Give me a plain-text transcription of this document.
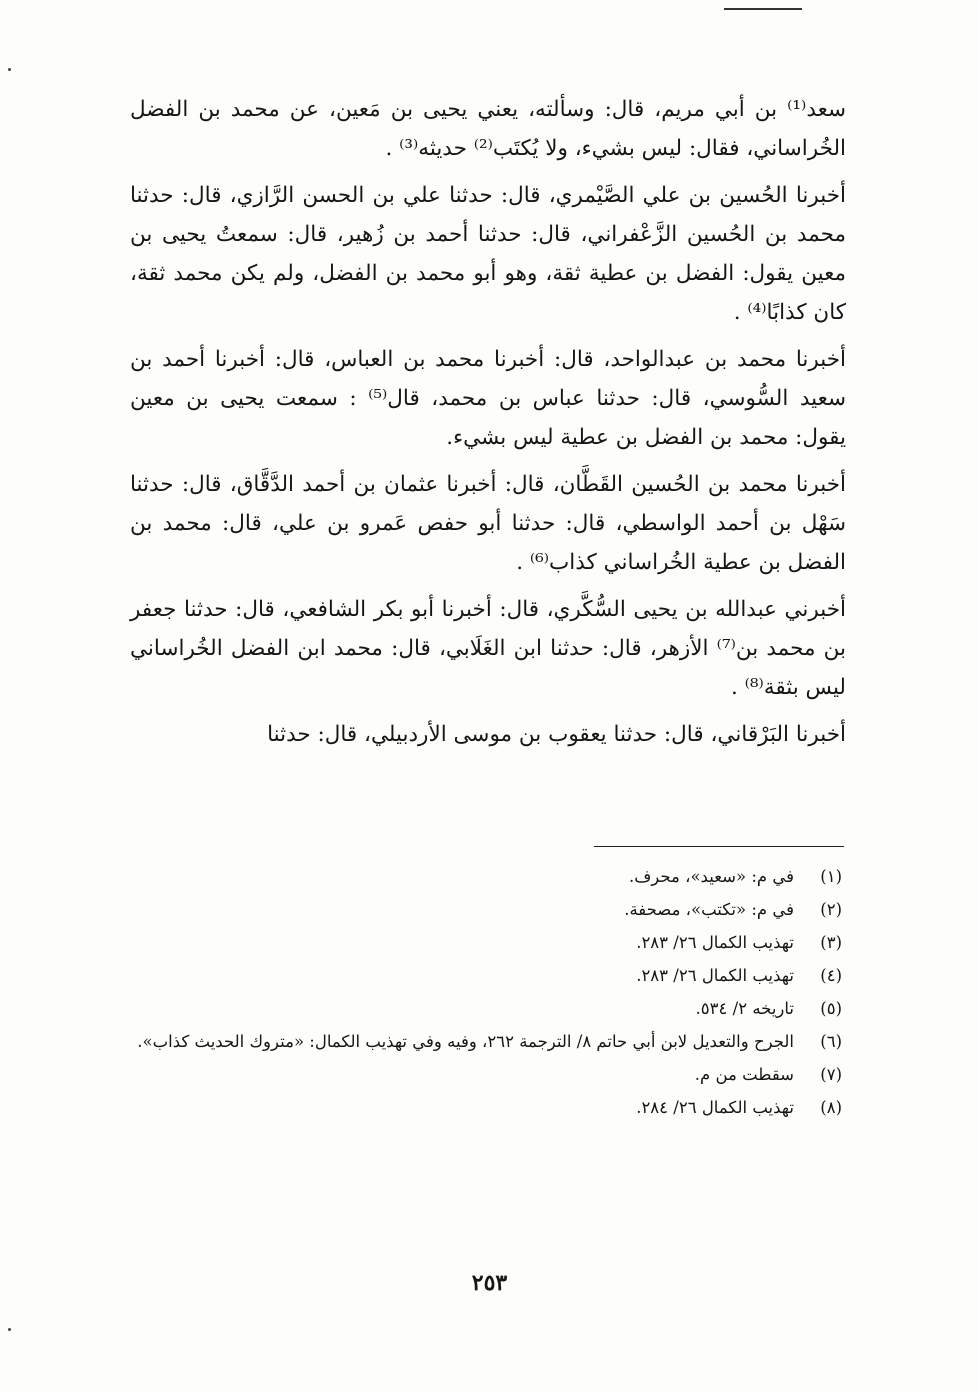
سعد⁽¹⁾ بن أبي مريم، قال: وسألته، يعني يحيى بن مَعين، عن محمد بن الفضل الخُراساني، فقال: ليس بشيء، ولا يُكتَب⁽²⁾ حديثه⁽³⁾ .

أخبرنا الحُسين بن علي الصَّيْمري، قال: حدثنا علي بن الحسن الرَّازي، قال: حدثنا محمد بن الحُسين الزَّعْفراني، قال: حدثنا أحمد بن زُهير، قال: سمعتُ يحيى بن معين يقول: الفضل بن عطية ثقة، وهو أبو محمد بن الفضل، ولم يكن محمد ثقة، كان كذابًا⁽⁴⁾ .

أخبرنا محمد بن عبدالواحد، قال: أخبرنا محمد بن العباس، قال: أخبرنا أحمد بن سعيد السُّوسي، قال: حدثنا عباس بن محمد، قال⁽⁵⁾ : سمعت يحيى بن معين يقول: محمد بن الفضل بن عطية ليس بشيء.

أخبرنا محمد بن الحُسين القَطَّان، قال: أخبرنا عثمان بن أحمد الدَّقَّاق، قال: حدثنا سَهْل بن أحمد الواسطي، قال: حدثنا أبو حفص عَمرو بن علي، قال: محمد بن الفضل بن عطية الخُراساني كذاب⁽⁶⁾ .

أخبرني عبدالله بن يحيى السُّكَّري، قال: أخبرنا أبو بكر الشافعي، قال: حدثنا جعفر بن محمد بن⁽⁷⁾ الأزهر، قال: حدثنا ابن الغَلَابي، قال: محمد ابن الفضل الخُراساني ليس بثقة⁽⁸⁾ .

أخبرنا البَرْقاني، قال: حدثنا يعقوب بن موسى الأردبيلي، قال: حدثنا

(١)
في م: «سعيد»، محرف.
(٢)
في م: «تكتب»، مصحفة.
(٣)
تهذيب الكمال ٢٦/ ٢٨٣.
(٤)
تهذيب الكمال ٢٦/ ٢٨٣.
(٥)
تاريخه ٢/ ٥٣٤.
(٦)
الجرح والتعديل لابن أبي حاتم ٨/ الترجمة ٢٦٢، وفيه وفي تهذيب الكمال: «متروك الحديث كذاب».
(٧)
سقطت من م.
(٨)
تهذيب الكمال ٢٦/ ٢٨٤.
٢٥٣
